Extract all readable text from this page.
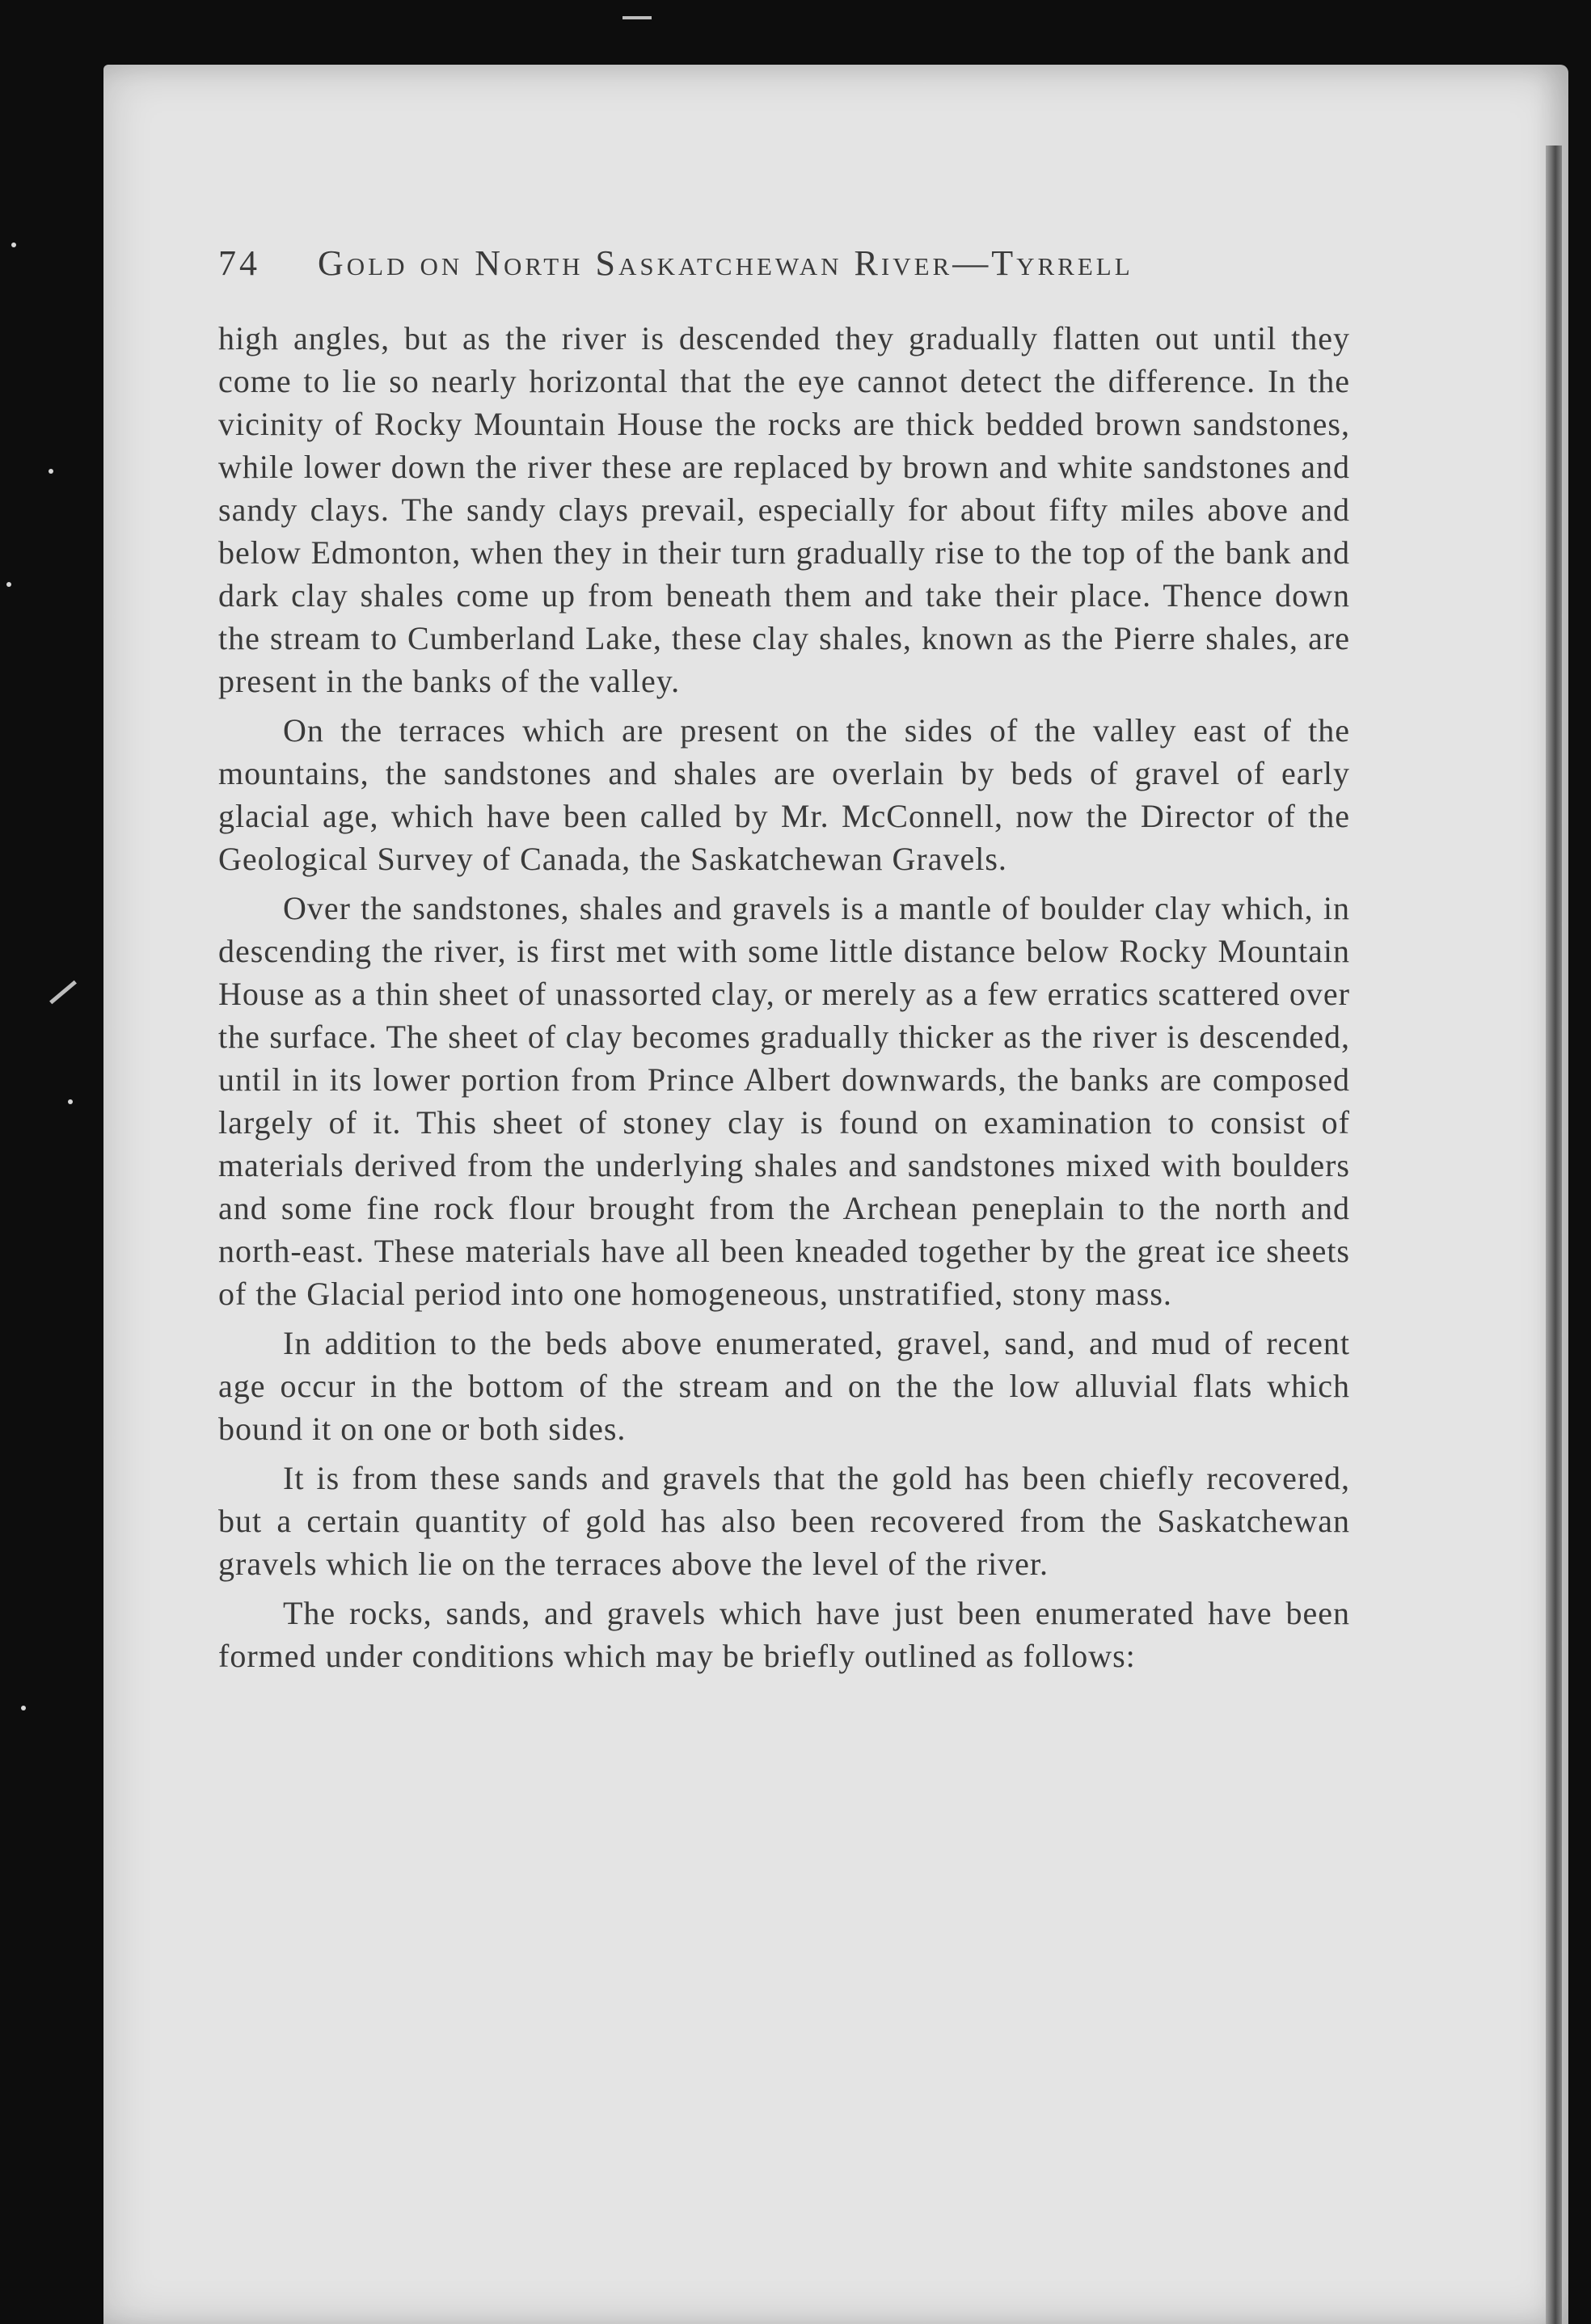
74 Gold on North Saskatchewan River—Tyrrell

high angles, but as the river is descended they gradually flatten out until they come to lie so nearly horizontal that the eye cannot detect the difference. In the vicinity of Rocky Mountain House the rocks are thick bedded brown sandstones, while lower down the river these are replaced by brown and white sandstones and sandy clays. The sandy clays prevail, especially for about fifty miles above and below Edmonton, when they in their turn gradually rise to the top of the bank and dark clay shales come up from beneath them and take their place. Thence down the stream to Cumberland Lake, these clay shales, known as the Pierre shales, are present in the banks of the valley.

On the terraces which are present on the sides of the valley east of the mountains, the sandstones and shales are overlain by beds of gravel of early glacial age, which have been called by Mr. McConnell, now the Director of the Geological Survey of Canada, the Saskatchewan Gravels.

Over the sandstones, shales and gravels is a mantle of boulder clay which, in descending the river, is first met with some little distance below Rocky Mountain House as a thin sheet of unassorted clay, or merely as a few erratics scattered over the surface. The sheet of clay becomes gradually thicker as the river is descended, until in its lower portion from Prince Albert downwards, the banks are composed largely of it. This sheet of stoney clay is found on examination to consist of materials derived from the underlying shales and sandstones mixed with boulders and some fine rock flour brought from the Archean peneplain to the north and north-east. These materials have all been kneaded together by the great ice sheets of the Glacial period into one homogeneous, unstratified, stony mass.

In addition to the beds above enumerated, gravel, sand, and mud of recent age occur in the bottom of the stream and on the the low alluvial flats which bound it on one or both sides.

It is from these sands and gravels that the gold has been chiefly recovered, but a certain quantity of gold has also been recovered from the Saskatchewan gravels which lie on the terraces above the level of the river.

The rocks, sands, and gravels which have just been enumerated have been formed under conditions which may be briefly outlined as follows:
